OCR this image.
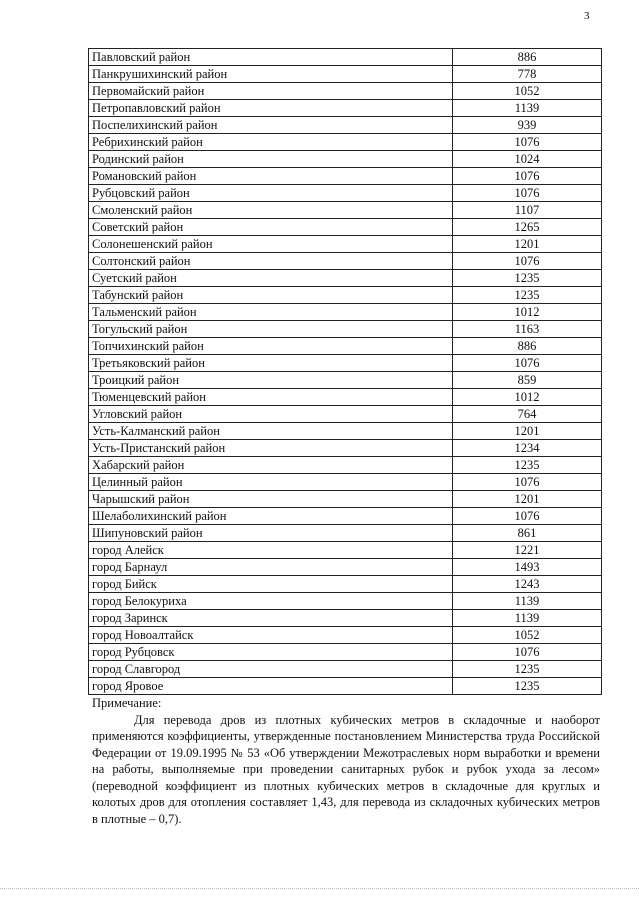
3
Павловский район	886
Панкрушихинский район	778
Первомайский район	1052
Петропавловский район	1139
Поспелихинский район	939
Ребрихинский район	1076
Родинский район	1024
Романовский район	1076
Рубцовский район	1076
Смоленский район	1107
Советский район	1265
Солонешенский район	1201
Солтонский район	1076
Суетский район	1235
Табунский район	1235
Тальменский район	1012
Тогульский район	1163
Топчихинский район	886
Третьяковский район	1076
Троицкий район	859
Тюменцевский район	1012
Угловский район	764
Усть-Калманский район	1201
Усть-Пристанский район	1234
Хабарский район	1235
Целинный район	1076
Чарышский район	1201
Шелаболихинский район	1076
Шипуновский район	861
город Алейск	1221
город Барнаул	1493
город Бийск	1243
город Белокуриха	1139
город Заринск	1139
город Новоалтайск	1052
город Рубцовск	1076
город Славгород	1235
город Яровое	1235

Примечание:

Для перевода дров из плотных кубических метров в складочные и наоборот применяются коэффициенты, утвержденные постановлением Министерства труда Российской Федерации от 19.09.1995 № 53 «Об утверждении Межотраслевых норм выработки и времени на работы, выполняемые при проведении санитарных рубок и рубок ухода за лесом» (переводной коэффициент из плотных кубических метров в складочные для круглых и колотых дров для отопления составляет 1,43, для перевода из складочных кубических метров в плотные – 0,7).
